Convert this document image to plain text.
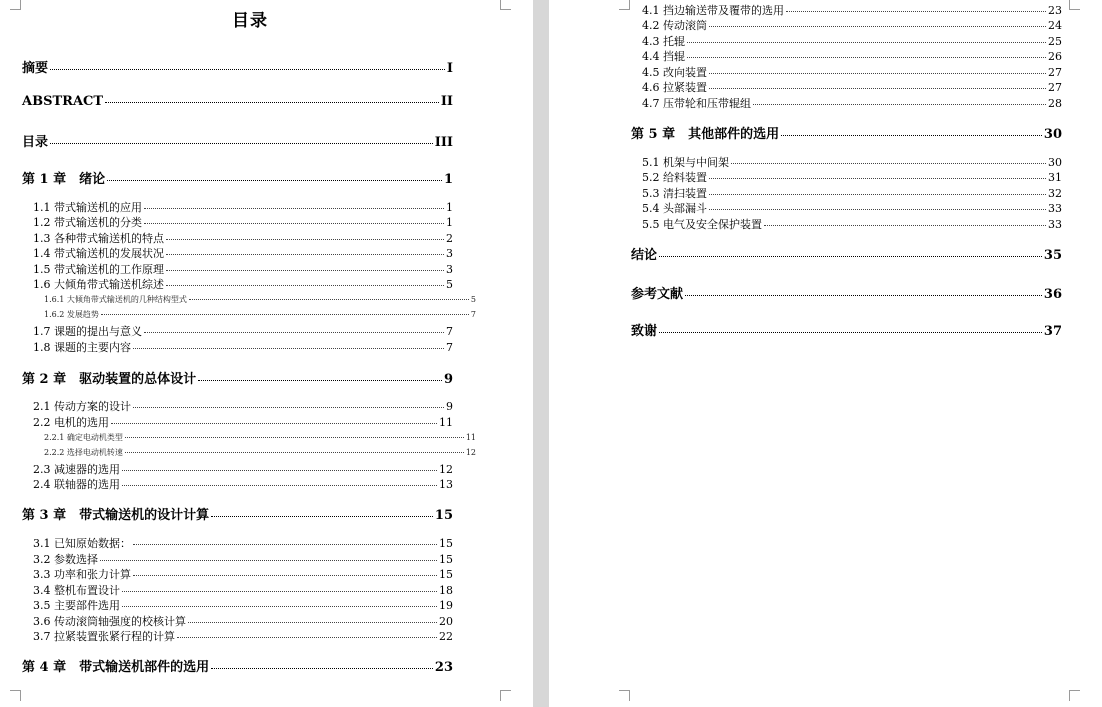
目录
摘要	I
ABSTRACT	II
目录	III
第 1 章　绪论	1
1.1 带式输送机的应用	1
1.2 带式输送机的分类	1
1.3 各种带式输送机的特点	2
1.4 带式输送机的发展状况	3
1.5 带式输送机的工作原理	3
1.6 大倾角带式输送机综述	5
1.6.1 大倾角带式输送机的几种结构型式	5
1.6.2 发展趋势	7
1.7 课题的提出与意义	7
1.8 课题的主要内容	7
第 2 章　驱动装置的总体设计	9
2.1 传动方案的设计	9
2.2 电机的选用	11
2.2.1 确定电动机类型	11
2.2.2 选择电动机转速	12
2.3 减速器的选用	12
2.4 联轴器的选用	13
第 3 章　带式输送机的设计计算	15
3.1 已知原始数据：	15
3.2 参数选择	15
3.3 功率和张力计算	15
3.4 整机布置设计	18
3.5 主要部件选用	19
3.6 传动滚筒轴强度的校核计算	20
3.7 拉紧装置张紧行程的计算	22
第 4 章　带式输送机部件的选用	23
4.1 挡边输送带及覆带的选用	23
4.2 传动滚筒	24
4.3 托辊	25
4.4 挡辊	26
4.5 改向装置	27
4.6 拉紧装置	27
4.7 压带轮和压带辊组	28
第 5 章　其他部件的选用	30
5.1 机架与中间架	30
5.2 给料装置	31
5.3 清扫装置	32
5.4 头部漏斗	33
5.5 电气及安全保护装置	33
结论	35
参考文献	36
致谢	37
